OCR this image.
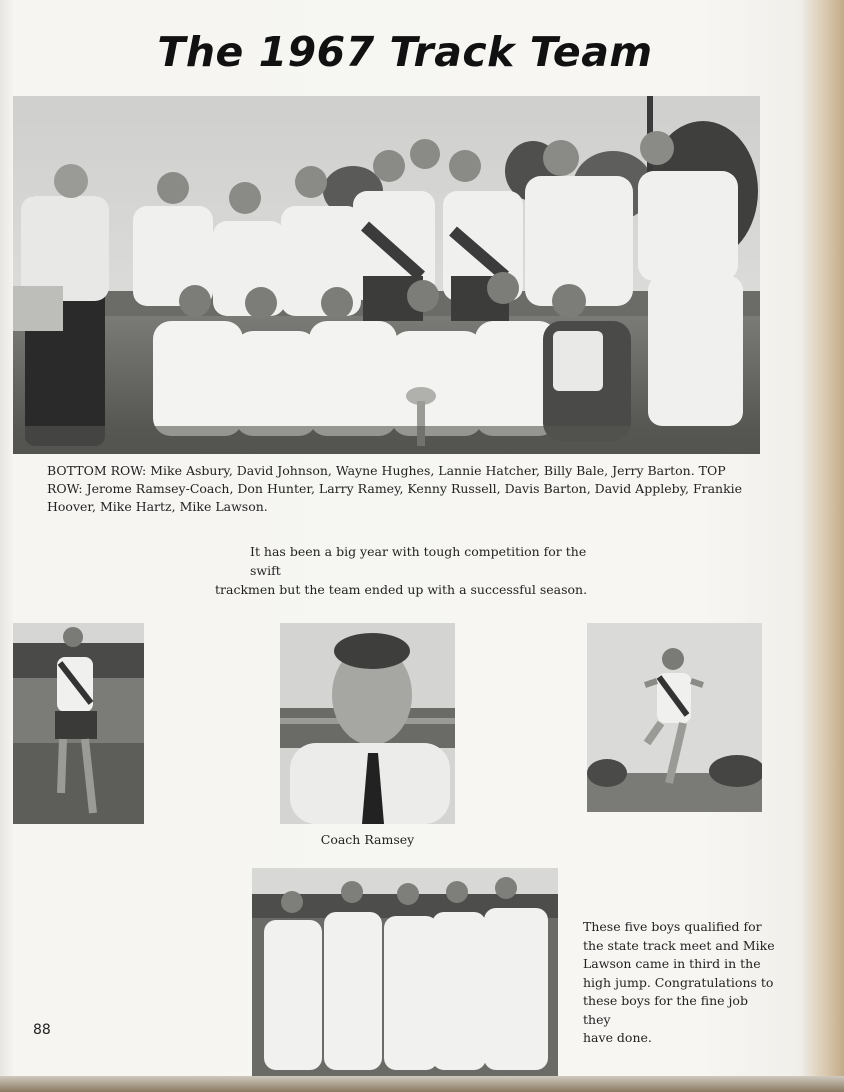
The 1967 Track Team
BOTTOM ROW: Mike Asbury, David Johnson, Wayne Hughes, Lannie Hatcher, Billy Bale, Jerry Barton. TOP ROW: Jerome Ramsey-Coach, Don Hunter, Larry Ramey, Kenny Russell, Davis Barton, David Appleby, Frankie Hoover, Mike Hartz, Mike Lawson.
It has been a big year with tough competition for the swift
trackmen but the team ended up with a successful season.
Coach Ramsey
These five boys qualified for
the state track meet and Mike
Lawson came in third in the
high jump. Congratulations to
these boys for the fine job they
have done.
88
